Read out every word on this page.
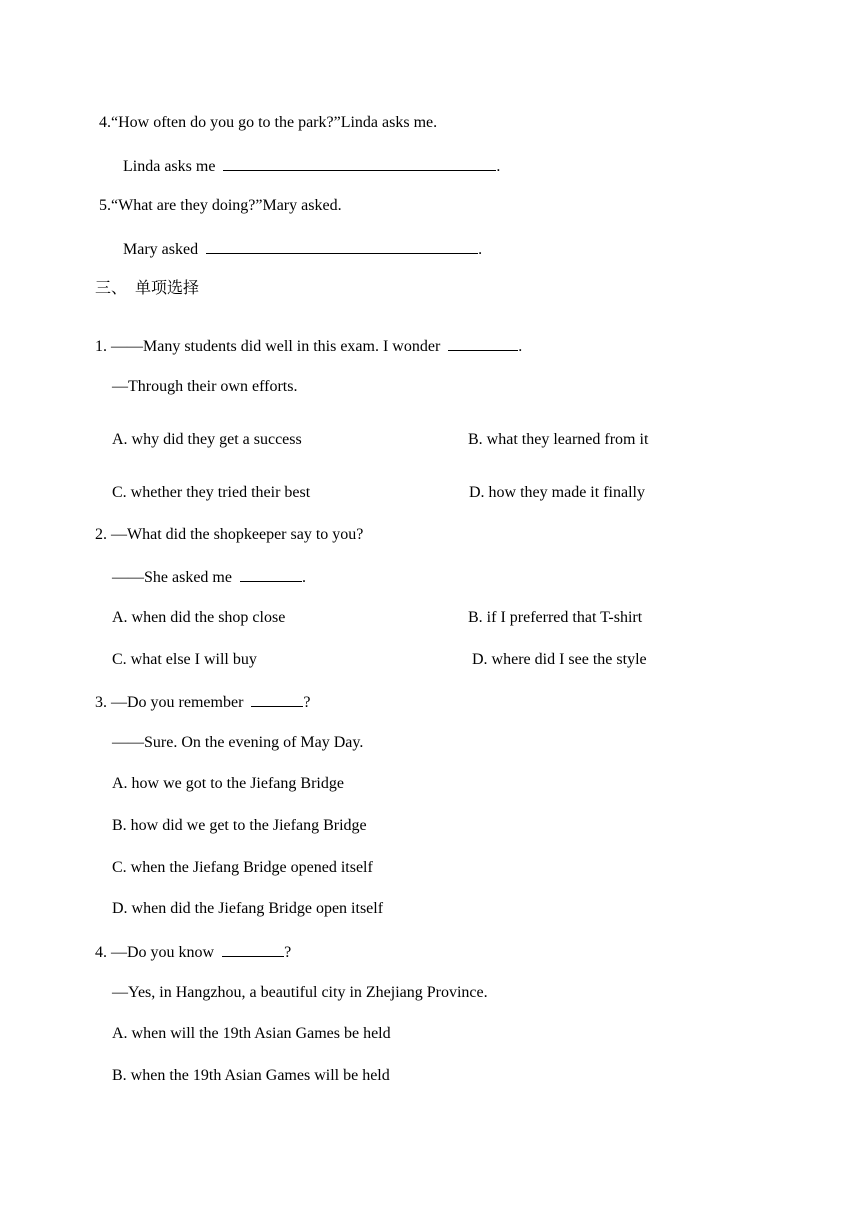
4.“How often do you go to the park?”Linda asks me.
Linda asks me	.
5.“What are they doing?”Mary asked.
Mary asked	.
三、  单项选择
1. ——Many students did well in this exam. I wonder	.
—Through their own efforts.
A. why did they get a success	B. what they learned from it
C. whether they tried their best	D. how they made it finally
2. —What did the shopkeeper say to you?
——She asked me	.
A. when did the shop close	B. if I preferred that T-shirt
C. what else I will buy	D. where did I see the style
3. —Do you remember	?
——Sure. On the evening of May Day.
A. how we got to the Jiefang Bridge
B. how did we get to the Jiefang Bridge
C. when the Jiefang Bridge opened itself
D. when did the Jiefang Bridge open itself
4. —Do you know	?
—Yes, in Hangzhou, a beautiful city in Zhejiang Province.
A. when will the 19th Asian Games be held
B. when the 19th Asian Games will be held
